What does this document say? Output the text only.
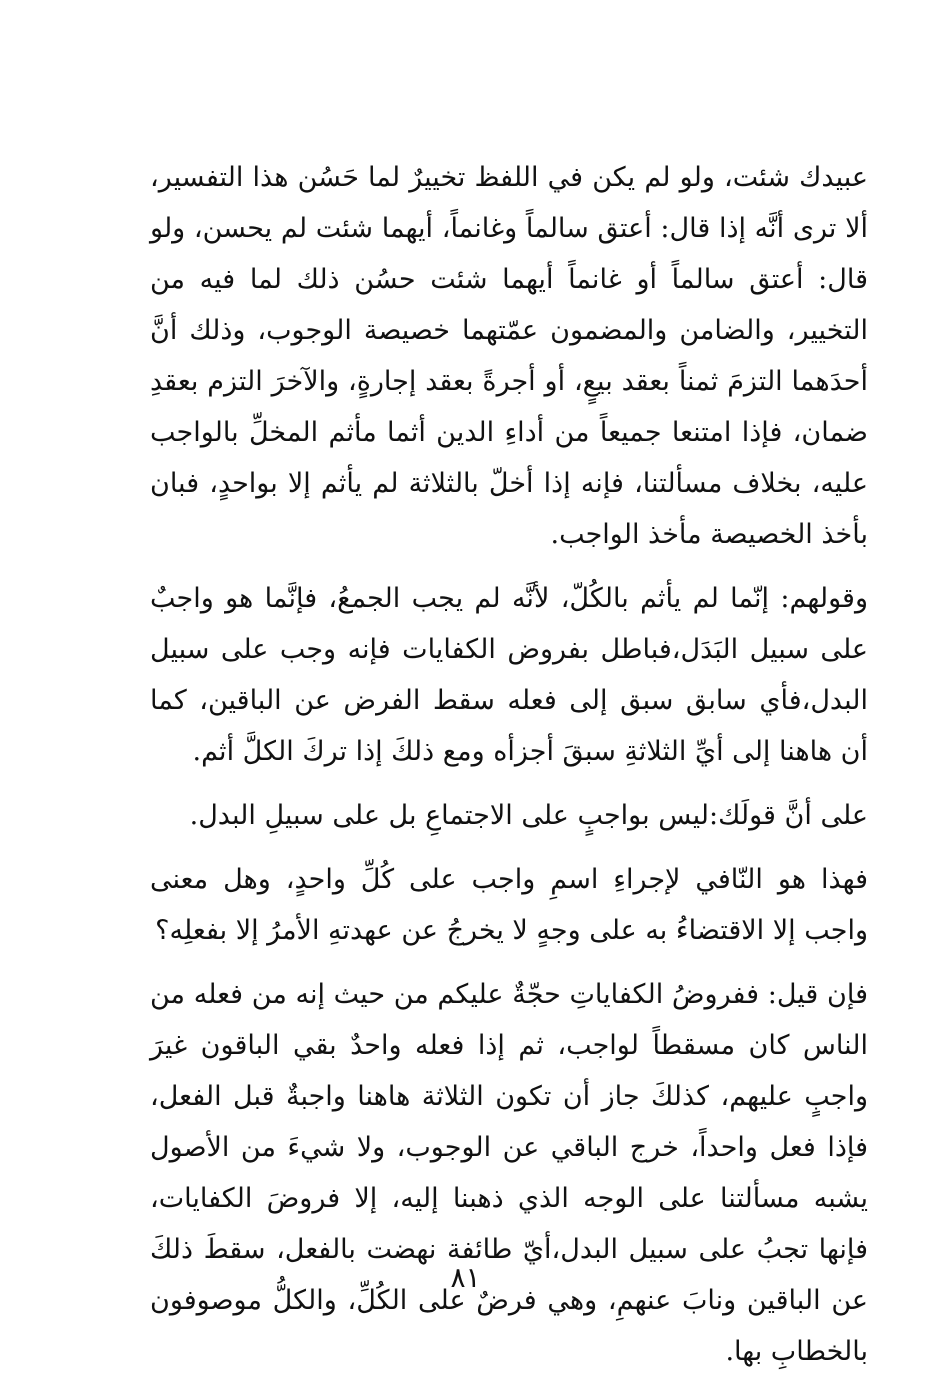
عبيدك شئت، ولو لم يكن في اللفظ تخييرٌ لما حَسُن هذا التفسير، ألا ترى أنَّه إذا قال: أعتق سالماً وغانماً، أيهما شئت لم يحسن، ولو قال: أعتق سالماً أو غانماً أيهما شئت حسُن ذلك لما فيه من التخيير، والضامن والمضمون عمّتهما خصيصة الوجوب، وذلك أنَّ أحدَهما التزمَ ثمناً بعقد بيعٍ، أو أجرةً بعقد إجارةٍ، والآخرَ التزم بعقدِ ضمان، فإذا امتنعا جميعاً من أداءِ الدين أثما مأثم المخلِّ بالواجب عليه، بخلاف مسألتنا، فإنه إذا أخلّ بالثلاثة لم يأثم إلا بواحدٍ، فبان بأخذ الخصيصة مأخذ الواجب.

وقولهم: إنّما لم يأثم بالكُلّ، لأنَّه لم يجب الجمعُ، فإنَّما هو واجبٌ على سبيل البَدَل،فباطل بفروض الكفايات فإنه وجب على سبيل البدل،فأي سابق سبق إلى فعله سقط الفرض عن الباقين، كما أن هاهنا إلى أيِّ الثلاثةِ سبقَ أجزأه ومع ذلكَ إذا تركَ الكلَّ أثم.

على أنَّ قولَك:ليس بواجبٍ على الاجتماعِ بل على سبيلِ البدل.

فهذا هو النّافي لإجراءِ اسمِ واجب على كُلِّ واحدٍ، وهل معنى واجب إلا الاقتضاءُ به على وجهٍ لا يخرجُ عن عهدتهِ الأمرُ إلا بفعلِه؟

فإن قيل: ففروضُ الكفاياتِ حجّةٌ عليكم من حيث إنه من فعله من الناس كان مسقطاً لواجب، ثم إذا فعله واحدٌ بقي الباقون غيرَ واجبٍ عليهم، كذلكَ جاز أن تكون الثلاثة هاهنا واجبةٌ قبل الفعل، فإذا فعل واحداً، خرج الباقي عن الوجوب، ولا شيءَ من الأصول يشبه مسألتنا على الوجه الذي ذهبنا إليه، إلا فروضَ الكفايات، فإنها تجبُ على سبيل البدل،أيّ طائفة نهضت بالفعل، سقطَ ذلكَ عن الباقين ونابَ عنهمِ، وهي فرضٌ على الكُلِّ، والكلُّ موصوفون بالخطابِ بها.

٨١
